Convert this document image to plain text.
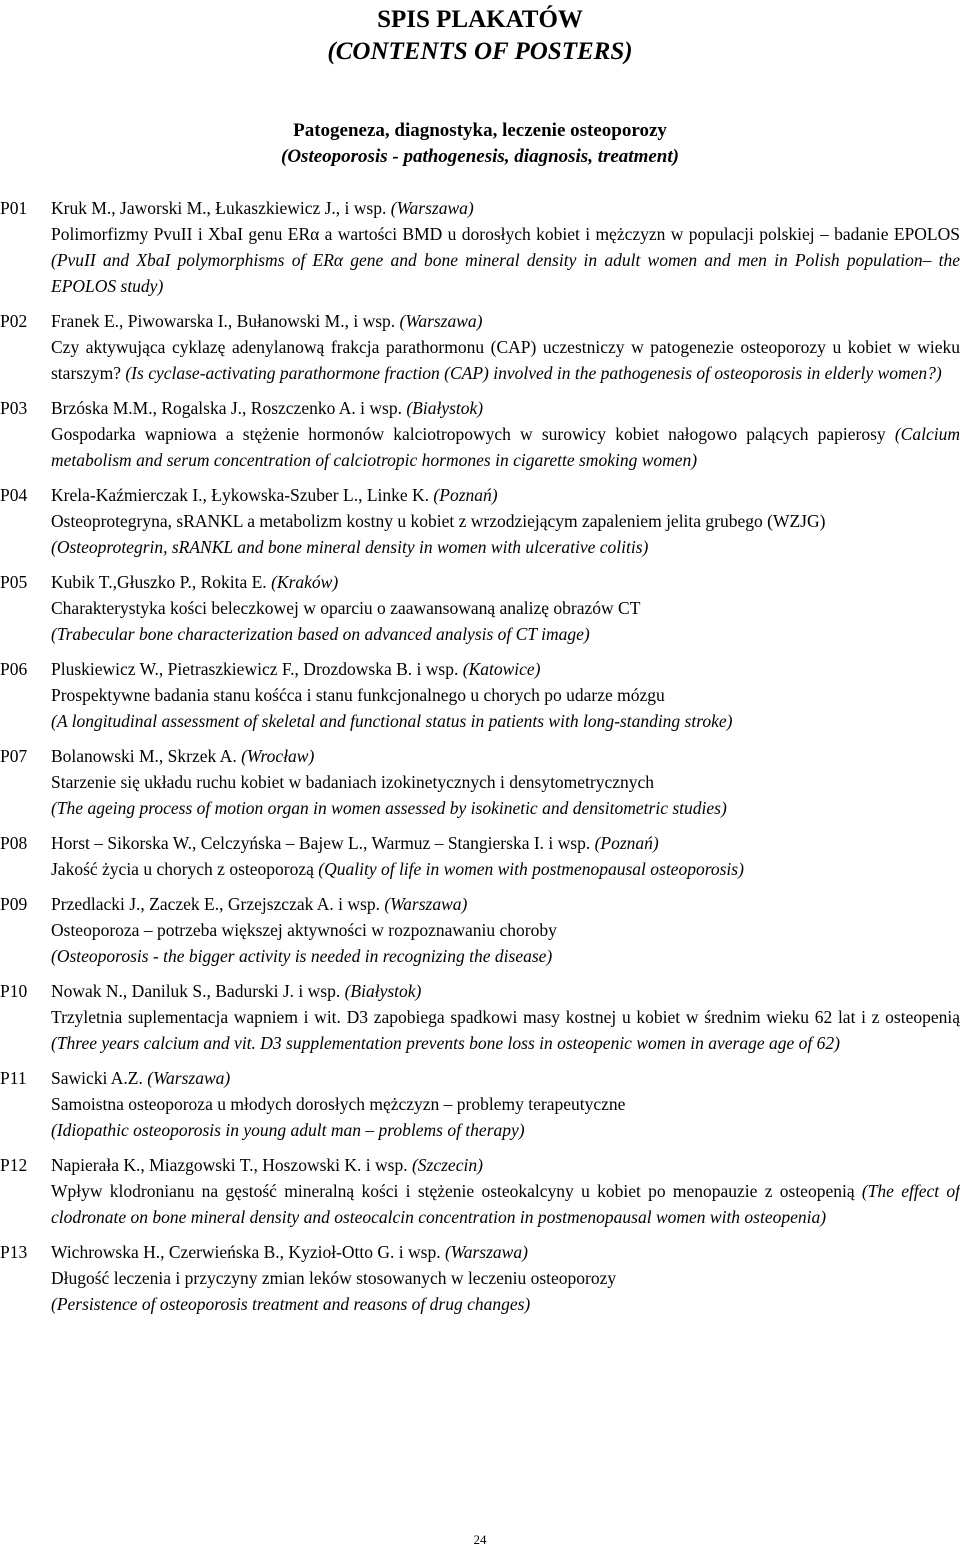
SPIS PLAKATÓW
(CONTENTS OF POSTERS)
Patogeneza, diagnostyka, leczenie osteoporozy
(Osteoporosis - pathogenesis, diagnosis, treatment)
P01	Kruk M., Jaworski M., Łukaszkiewicz J., i wsp. (Warszawa)
Polimorfizmy PvuII i XbaI genu ERα a wartości BMD u dorosłych kobiet i mężczyzn w populacji polskiej – badanie EPOLOS (PvuII and XbaI polymorphisms of ERα gene and bone mineral density in adult women and men in Polish population– the EPOLOS study)
P02	Franek E., Piwowarska I., Bułanowski M., i wsp. (Warszawa)
Czy aktywująca cyklazę adenylanową frakcja parathormonu (CAP) uczestniczy w patogenezie osteoporozy u kobiet w wieku starszym? (Is cyclase-activating parathormone fraction (CAP) involved in the pathogenesis of osteoporosis in elderly women?)
P03	Brzóska M.M., Rogalska J., Roszczenko A. i wsp. (Białystok)
Gospodarka wapniowa a stężenie hormonów kalciotropowych w surowicy kobiet nałogowo palących papierosy (Calcium metabolism and serum concentration of calciotropic hormones in cigarette smoking women)
P04	Krela-Kaźmierczak I., Łykowska-Szuber L., Linke K. (Poznań)
Osteoprotegryna, sRANKL a metabolizm kostny u kobiet z wrzodziejącym zapaleniem jelita grubego (WZJG)
(Osteoprotegrin, sRANKL and bone mineral density in women with ulcerative colitis)
P05	Kubik T.,Głuszko P., Rokita E. (Kraków)
Charakterystyka kości beleczkowej w oparciu o zaawansowaną analizę obrazów CT
(Trabecular bone characterization based on advanced analysis of CT image)
P06	Pluskiewicz W., Pietraszkiewicz F., Drozdowska B. i wsp. (Katowice)
Prospektywne badania stanu kośćca i stanu funkcjonalnego u chorych po udarze mózgu
(A longitudinal assessment of skeletal and functional status in patients with long-standing stroke)
P07	Bolanowski M., Skrzek A. (Wrocław)
Starzenie się układu ruchu kobiet w badaniach izokinetycznych i densytometrycznych
(The ageing process of motion organ in women assessed by isokinetic and densitometric studies)
P08	Horst – Sikorska W., Celczyńska – Bajew L., Warmuz – Stangierska I. i wsp. (Poznań)
Jakość życia u chorych z osteoporozą (Quality of life in women with postmenopausal osteoporosis)
P09	Przedlacki J., Zaczek E., Grzejszczak A. i wsp. (Warszawa)
Osteoporoza – potrzeba większej aktywności w rozpoznawaniu choroby
(Osteoporosis - the bigger activity is needed in recognizing the disease)
P10	Nowak N., Daniluk S., Badurski J. i wsp. (Białystok)
Trzyletnia suplementacja wapniem i wit. D3 zapobiega spadkowi masy kostnej u kobiet w średnim wieku 62 lat i z osteopenią (Three years calcium and vit. D3 supplementation prevents bone loss in osteopenic women in average age of 62)
P11	Sawicki A.Z. (Warszawa)
Samoistna osteoporoza u młodych dorosłych mężczyzn – problemy terapeutyczne
(Idiopathic osteoporosis in young adult man – problems of therapy)
P12	Napierała K., Miazgowski T., Hoszowski K. i wsp. (Szczecin)
Wpływ klodronianu na gęstość mineralną kości i stężenie osteokalcyny u kobiet po menopauzie z osteopenią (The effect of clodronate on bone mineral density and osteocalcin concentration in postmenopausal women with osteopenia)
P13	Wichrowska H., Czerwieńska B., Kyzioł-Otto G. i wsp. (Warszawa)
Długość leczenia i przyczyny zmian leków stosowanych w leczeniu osteoporozy
(Persistence of osteoporosis treatment and reasons of drug changes)
24
